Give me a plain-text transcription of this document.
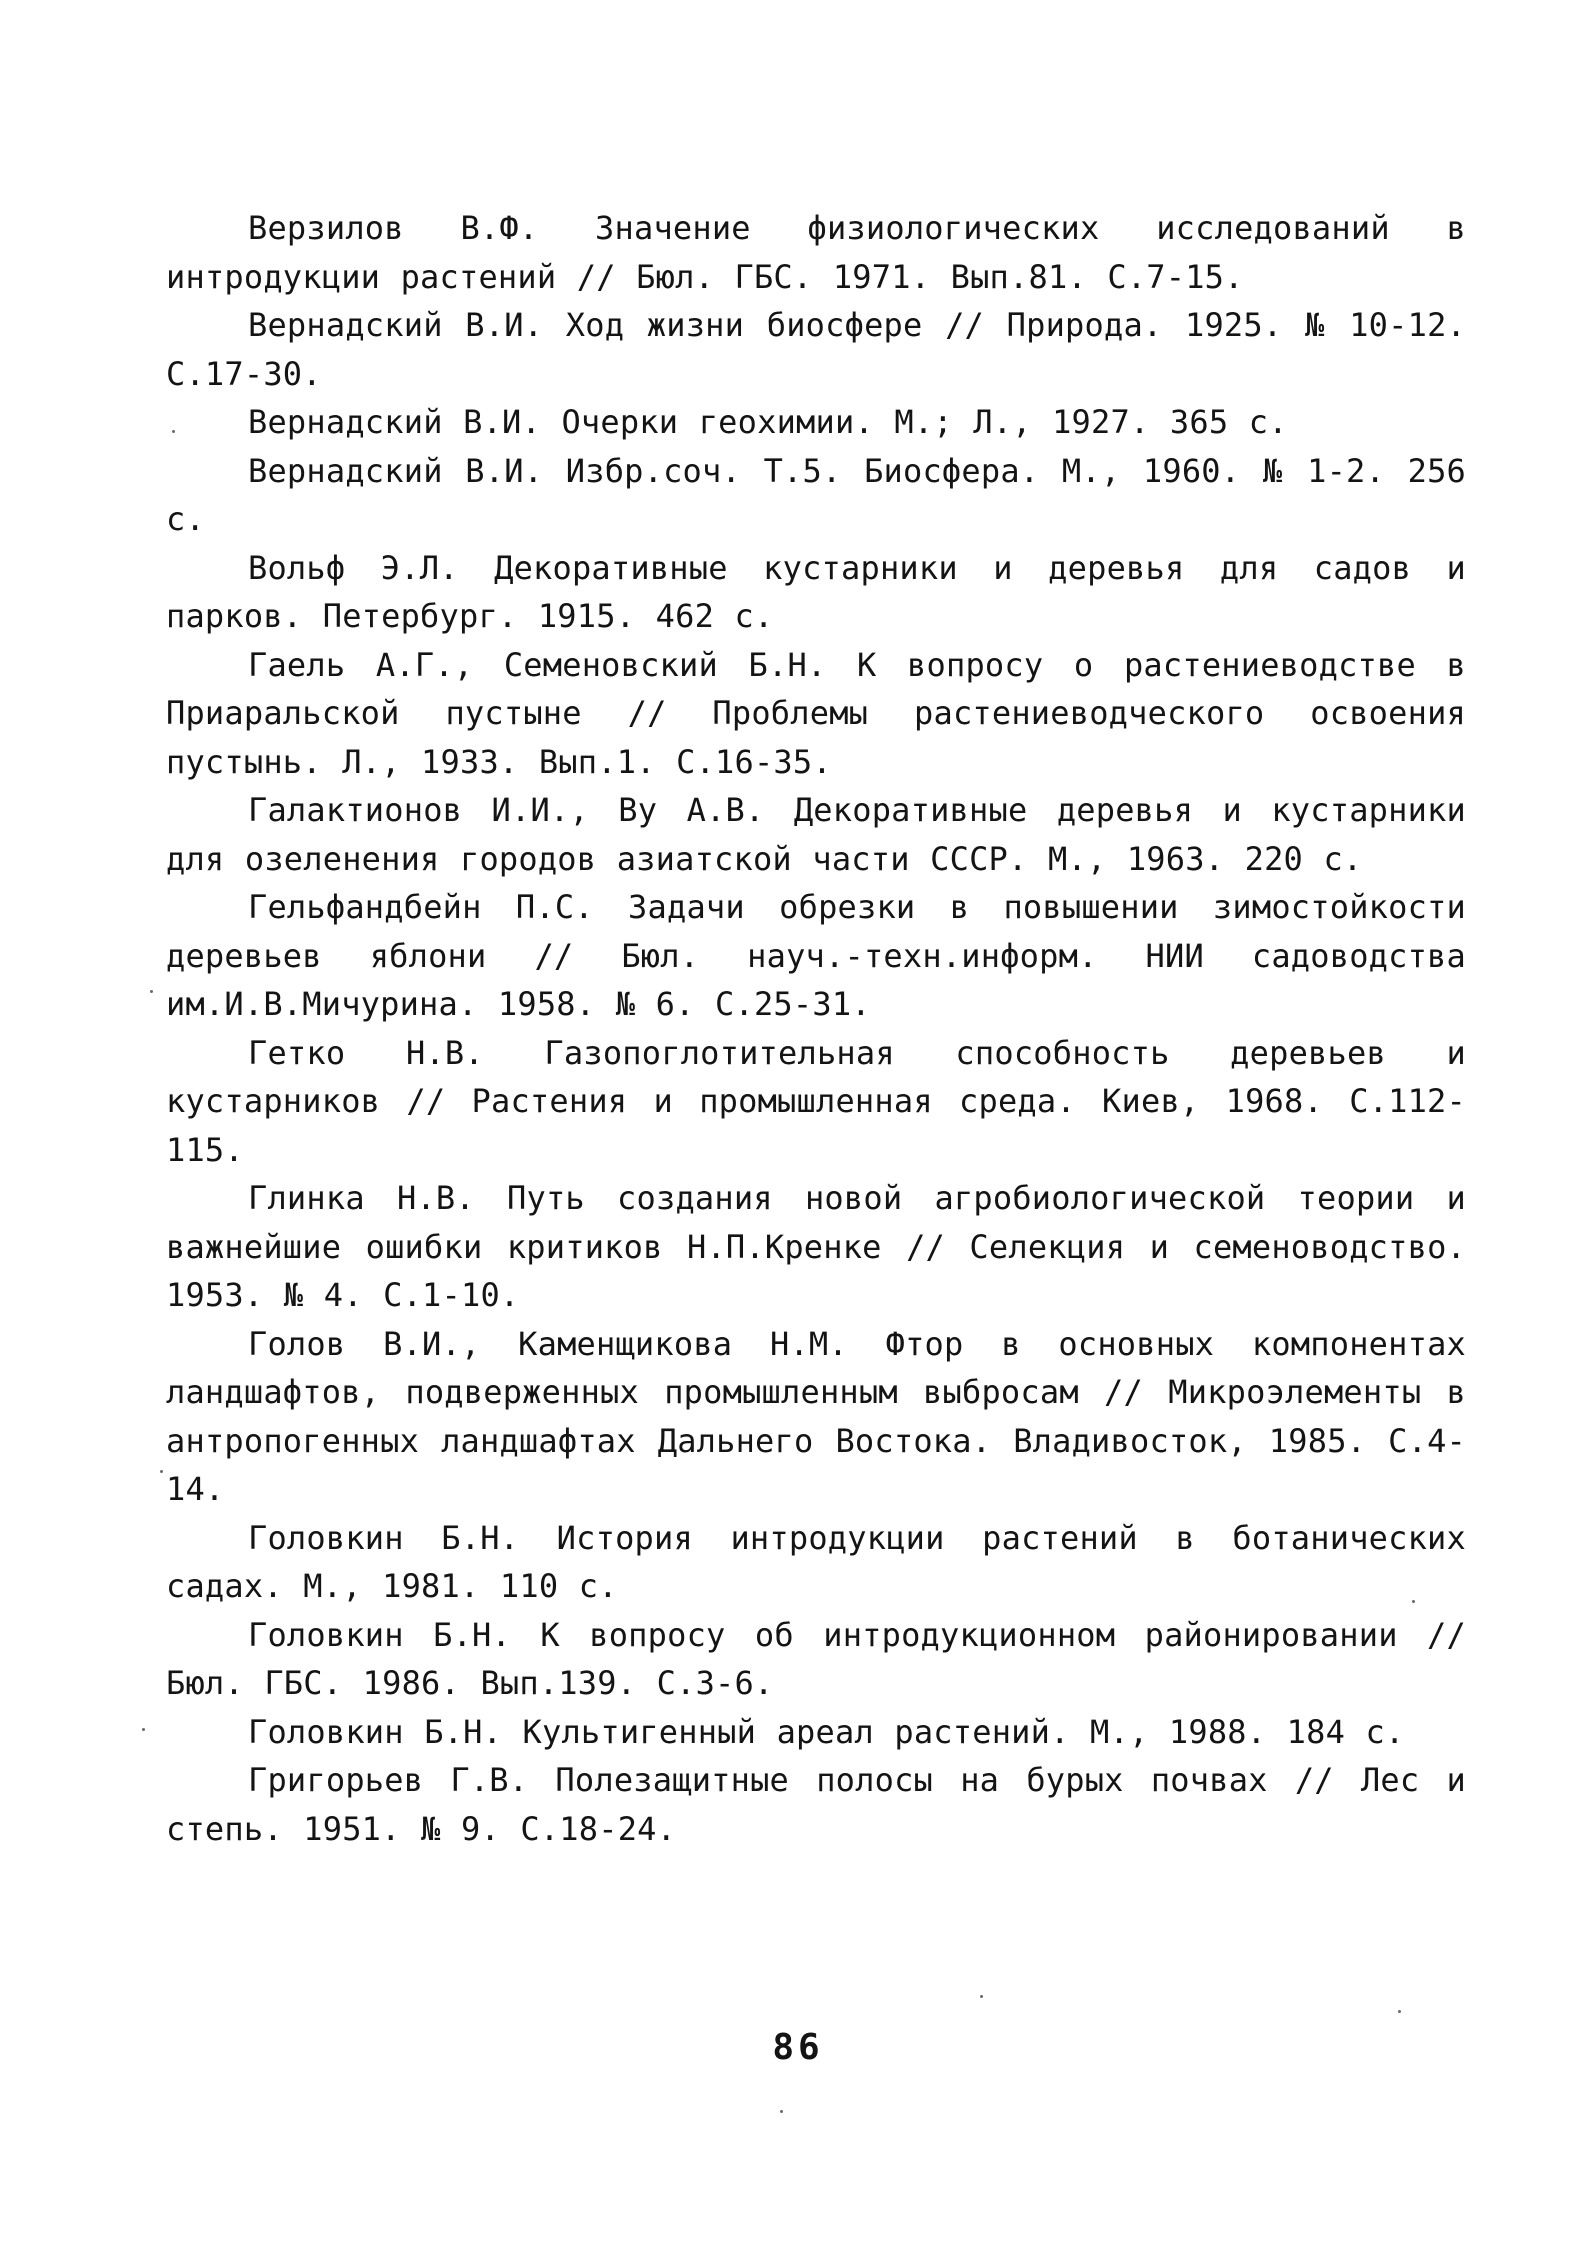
Верзилов В.Ф. Значение физиологических исследований в интродукции растений // Бюл. ГБС. 1971. Вып.81. С.7-15.

Вернадский В.И. Ход жизни биосфере // Природа. 1925. № 10-12. С.17-30.

Вернадский В.И. Очерки геохимии. М.; Л., 1927. 365 с.

Вернадский В.И. Избр.соч. Т.5. Биосфера. М., 1960. № 1-2. 256 с.

Вольф Э.Л. Декоративные кустарники и деревья для садов и парков. Петербург. 1915. 462 с.

Гаель А.Г., Семеновский Б.Н. К вопросу о растениеводстве в Приаральской пустыне // Проблемы растениеводческого освоения пустынь. Л., 1933. Вып.1. С.16-35.

Галактионов И.И., Ву А.В. Декоративные деревья и кустарники для озеленения городов азиатской части СССР. М., 1963. 220 с.

Гельфандбейн П.С. Задачи обрезки в повышении зимостойкости деревьев яблони // Бюл. науч.-техн.информ. НИИ садоводства им.И.В.Мичурина. 1958. № 6. С.25-31.

Гетко Н.В. Газопоглотительная способность деревьев и кустарников // Растения и промышленная среда. Киев, 1968. С.112-115.

Глинка Н.В. Путь создания новой агробиологической теории и важнейшие ошибки критиков Н.П.Кренке // Селекция и семеноводство. 1953. № 4. С.1-10.

Голов В.И., Каменщикова Н.М. Фтор в основных компонентах ландшафтов, подверженных промышленным выбросам // Микроэлементы в антропогенных ландшафтах Дальнего Востока. Владивосток, 1985. С.4-14.

Головкин Б.Н. История интродукции растений в ботанических садах. М., 1981. 110 с.

Головкин Б.Н. К вопросу об интродукционном районировании // Бюл. ГБС. 1986. Вып.139. С.3-6.

Головкин Б.Н. Культигенный ареал растений. М., 1988. 184 с.

Григорьев Г.В. Полезащитные полосы на бурых почвах // Лес и степь. 1951. № 9. С.18-24.

86
